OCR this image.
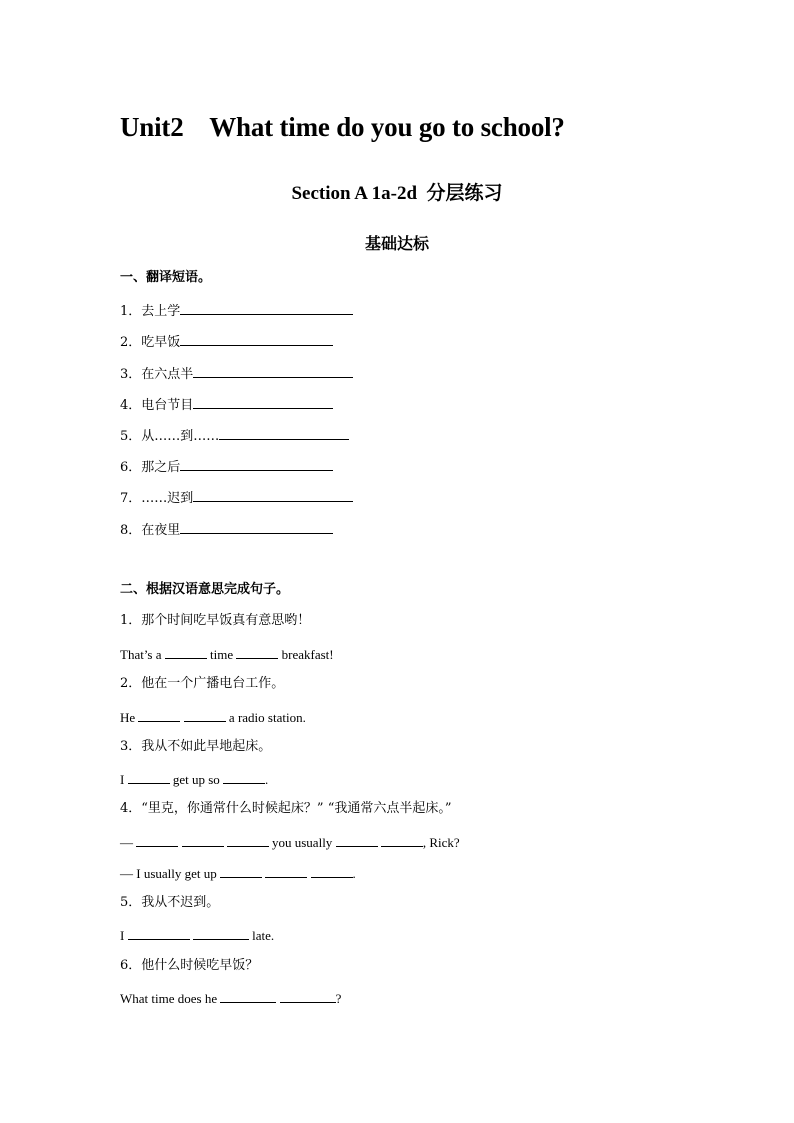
Unit2    What time do you go to school?
Section A 1a-2d  分层练习
基础达标
一、翻译短语。
1．去上学
2．吃早饭
3．在六点半
4．电台节目
5．从……到……
6．那之后
7．……迟到
8．在夜里
二、根据汉语意思完成句子。
1．那个时间吃早饭真有意思哟！
That’s a	time	breakfast!
2．他在一个广播电台工作。
He	a radio station.
3．我从不如此早地起床。
I	get up so	.
4．“里克，你通常什么时候起床？” “我通常六点半起床。”
—	you usually	, Rick?
— I usually get up	.
5．我从不迟到。
I	late.
6．他什么时候吃早饭？
What time does he	?
